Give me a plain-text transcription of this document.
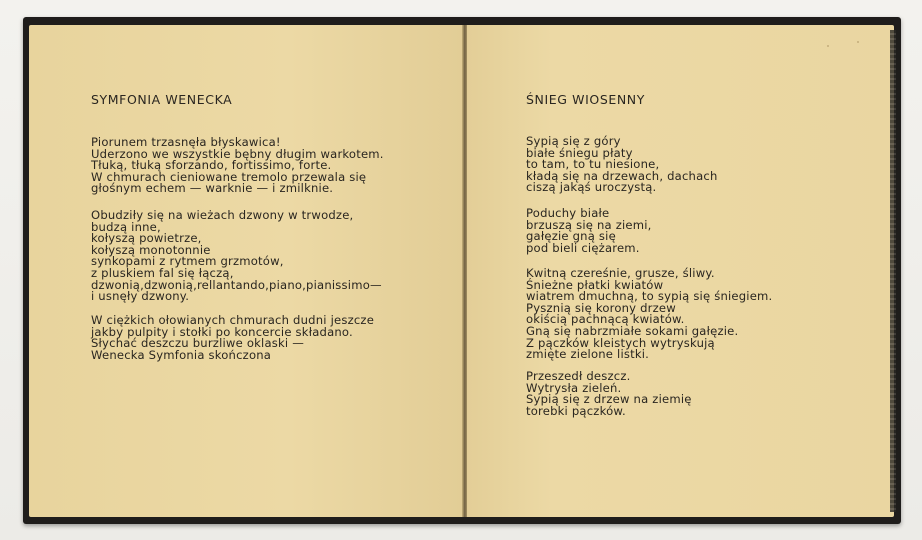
SYMFONIA WENECKA
Piorunem trzasnęła błyskawica!
Uderzono we wszystkie bębny długim warkotem.
Tłuką, tłuką sforzando, fortissimo, forte.
W chmurach cieniowane tremolo przewala się
głośnym echem — warknie — i zmilknie.
Obudziły się na wieżach dzwony w trwodze,
budzą inne,
kołyszą powietrze,
kołyszą monotonnie
synkopami z rytmem grzmotów,
z pluskiem fal się łączą,
dzwonią,dzwonią,rellantando,piano,pianissimo—
i usnęły dzwony.
W ciężkich ołowianych chmurach dudni jeszcze
jakby pulpity i stołki po koncercie składano.
Słychać deszczu burzliwe oklaski —
Wenecka Symfonia skończona
ŚNIEG WIOSENNY
Sypią się z góry
białe śniegu płaty
to tam, to tu niesione,
kładą się na drzewach, dachach
ciszą jakąś uroczystą.
Poduchy białe
brzuszą się na ziemi,
gałęzie gną się
pod bieli ciężarem.
Kwitną czereśnie, grusze, śliwy.
Śnieżne płatki kwiatów
wiatrem dmuchną, to sypią się śniegiem.
Pysznią się korony drzew
okiścią pachnącą kwiatów.
Gną się nabrzmiałe sokami gałęzie.
Z pączków kleistych wytryskują
zmięte zielone listki.
Przeszedł deszcz.
Wytrysła zieleń.
Sypią się z drzew na ziemię
torebki pączków.
